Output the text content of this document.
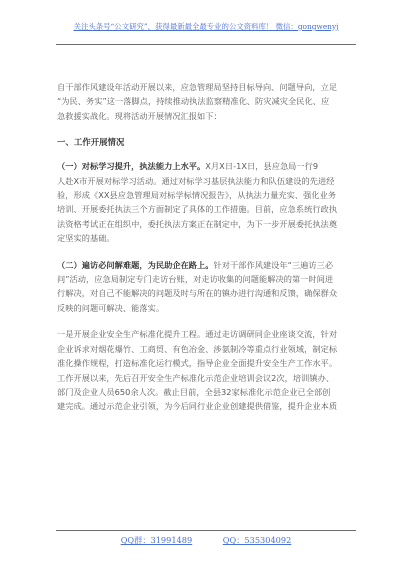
关注头条号“公文研究”，获得最新最全最专业的公文资料库！ 微信：gongwenyj

自干部作风建设年活动开展以来，应急管理局坚持目标导向、问题导向，立足
“为民、务实”这一落脚点，持续推动执法监察精准化、防灾减灾全民化、应
急救援实战化。现将活动开展情况汇报如下：

一、工作开展情况

（一）对标学习提升，执法能力上水平。X月X日-1X日，县应急局一行9
人赴X市开展对标学习活动。通过对标学习基层执法能力和队伍建设的先进经
验，形成《XX县应急管理局对标学标情况报告》，从执法力量充实、强化业务
培训、开展委托执法三个方面制定了具体的工作措施。目前，应急系统行政执
法资格考试正在组织中，委托执法方案正在制定中，为下一步开展委托执法奠
定坚实的基础。

（二）遍访必问解难题，为民助企在路上。针对干部作风建设年“三遍访三必
问”活动，应急局制定专门走访台账，对走访收集的问题能解决的第一时间进
行解决，对自己不能解决的问题及时与所在的镇办进行沟通和反馈，确保群众
反映的问题可解决、能落实。

一是开展企业安全生产标准化提升工程。通过走访调研同企业座谈交流，针对
企业诉求对烟花爆竹、工商贸、有色冶金、涉氨制冷等重点行业领域，制定标
准化操作规程，打造标准化运行模式，指导企业全面提升安全生产工作水平。
工作开展以来，先后召开安全生产标准化示范企业培训会议2次，培训镇办、
部门及企业人员650余人次。截止目前，全县32家标准化示范企业已全部创
建完成。通过示范企业引领，为今后同行业企业创建提供借鉴，提升企业本质

QQ群：31991489	QQ：535304092
